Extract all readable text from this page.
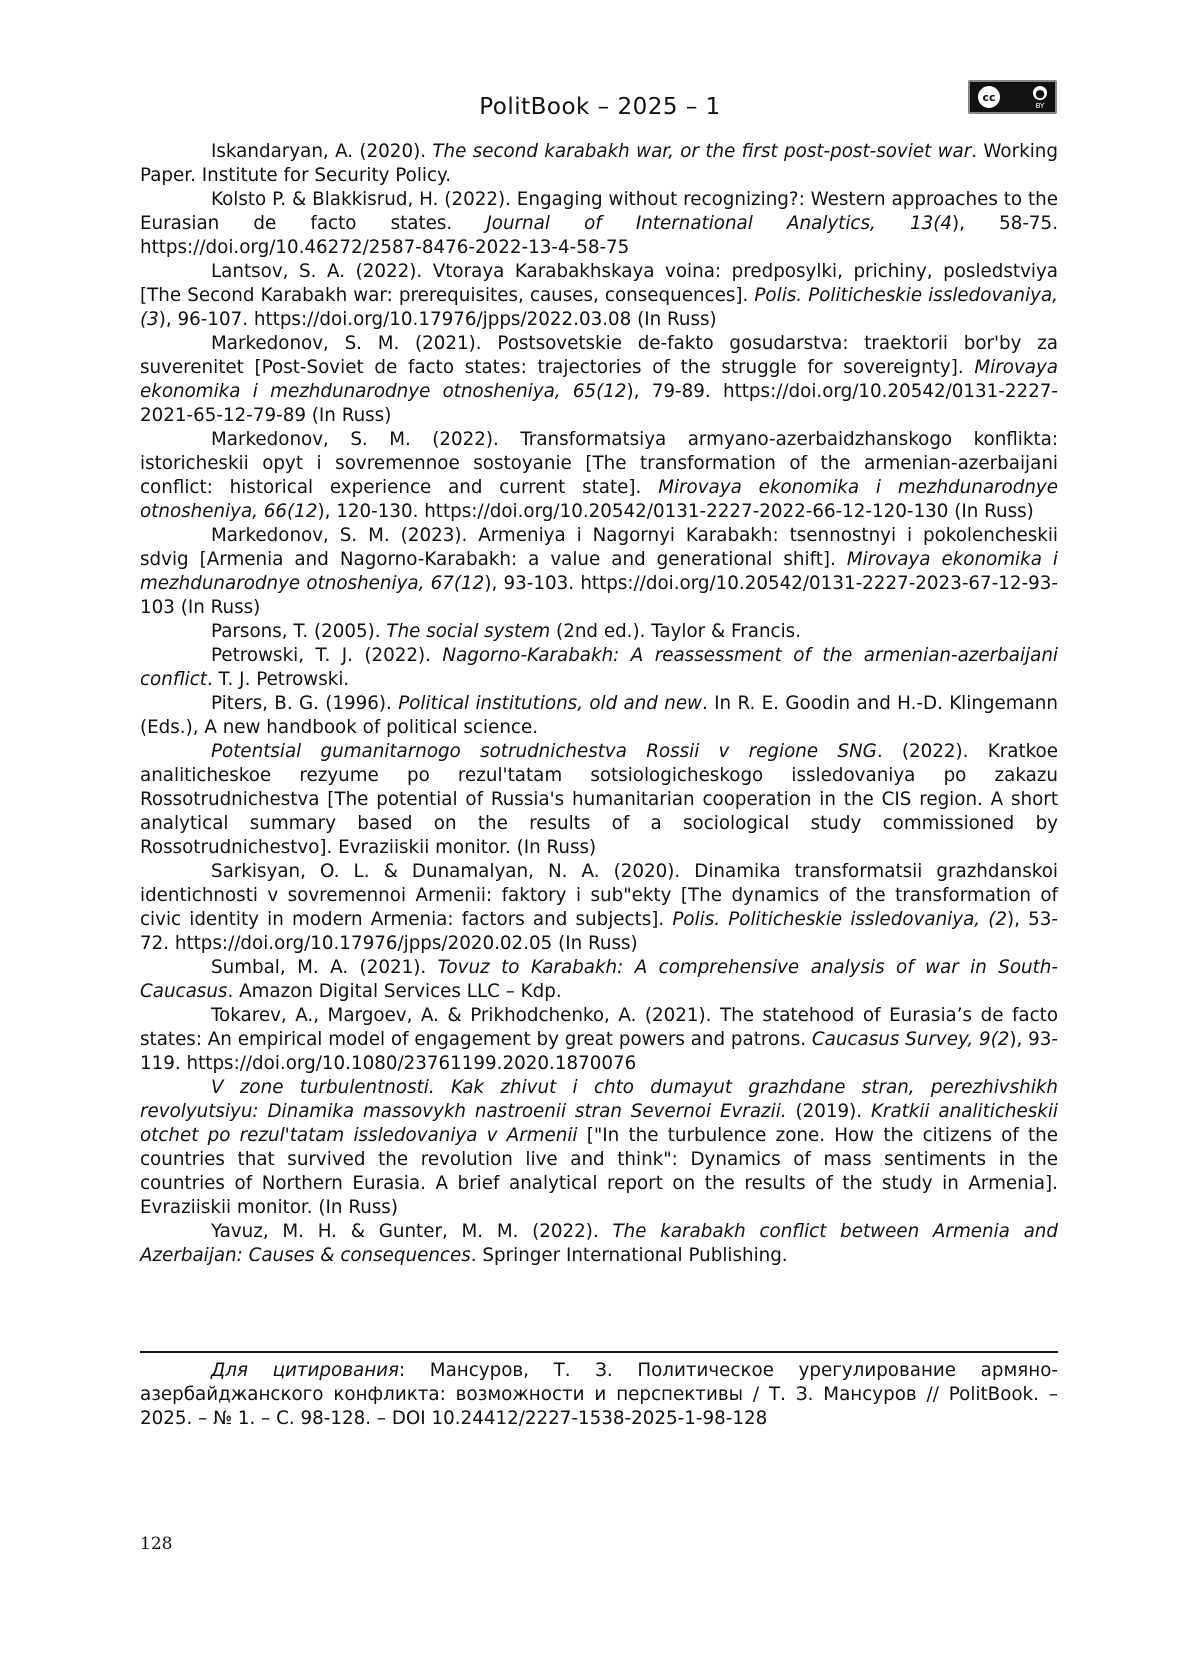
PolitBook – 2025 – 1	cc	●
BY

Iskandaryan, A. (2020). The second karabakh war, or the first post-post-soviet war. Working Paper. Institute for Security Policy.

Kolsto P. & Blakkisrud, H. (2022). Engaging without recognizing?: Western approaches to the Eurasian de facto states. Journal of International Analytics, 13(4), 58-75. https://doi.org/10.46272/2587-8476-2022-13-4-58-75

Lantsov, S. A. (2022). Vtoraya Karabakhskaya voina: predposylki, prichiny, posledstviya [The Second Karabakh war: prerequisites, causes, consequences]. Polis. Politicheskie issledovaniya, (3), 96-107. https://doi.org/10.17976/jpps/2022.03.08 (In Russ)

Markedonov, S. M. (2021). Postsovetskie de-fakto gosudarstva: traektorii bor'by za suverenitet [Post-Soviet de facto states: trajectories of the struggle for sovereignty]. Mirovaya ekonomika i mezhdunarodnye otnosheniya, 65(12), 79-89. https://doi.org/10.20542/0131-2227-2021-65-12-79-89 (In Russ)

Markedonov, S. M. (2022). Transformatsiya armyano-azerbaidzhanskogo konflikta: istoricheskii opyt i sovremennoe sostoyanie [The transformation of the armenian-azerbaijani conflict: historical experience and current state]. Mirovaya ekonomika i mezhdunarodnye otnosheniya, 66(12), 120-130. https://doi.org/10.20542/0131-2227-2022-66-12-120-130 (In Russ)

Markedonov, S. M. (2023). Armeniya i Nagornyi Karabakh: tsennostnyi i pokolencheskii sdvig [Armenia and Nagorno-Karabakh: a value and generational shift]. Mirovaya ekonomika i mezhdunarodnye otnosheniya, 67(12), 93-103. https://doi.org/10.20542/0131-2227-2023-67-12-93-103 (In Russ)

Parsons, T. (2005). The social system (2nd ed.). Taylor & Francis.

Petrowski, T. J. (2022). Nagorno-Karabakh: A reassessment of the armenian-azerbaijani conflict. T. J. Petrowski.

Piters, B. G. (1996). Political institutions, old and new. In R. E. Goodin and H.-D. Klingemann (Eds.), A new handbook of political science.

Potentsial gumanitarnogo sotrudnichestva Rossii v regione SNG. (2022). Kratkoe analiticheskoe rezyume po rezul'tatam sotsiologicheskogo issledovaniya po zakazu Rossotrudnichestva [The potential of Russia's humanitarian cooperation in the CIS region. A short analytical summary based on the results of a sociological study commissioned by Rossotrudnichestvo]. Evraziiskii monitor. (In Russ)

Sarkisyan, O. L. & Dunamalyan, N. A. (2020). Dinamika transformatsii grazhdanskoi identichnosti v sovremennoi Armenii: faktory i sub"ekty [The dynamics of the transformation of civic identity in modern Armenia: factors and subjects]. Polis. Politicheskie issledovaniya, (2), 53-72. https://doi.org/10.17976/jpps/2020.02.05 (In Russ)

Sumbal, M. A. (2021). Tovuz to Karabakh: A comprehensive analysis of war in South-Caucasus. Amazon Digital Services LLC – Kdp.

Tokarev, A., Margoev, A. & Prikhodchenko, A. (2021). The statehood of Eurasia’s de facto states: An empirical model of engagement by great powers and patrons. Caucasus Survey, 9(2), 93-119. https://doi.org/10.1080/23761199.2020.1870076

V zone turbulentnosti. Kak zhivut i chto dumayut grazhdane stran, perezhivshikh revolyutsiyu: Dinamika massovykh nastroenii stran Severnoi Evrazii. (2019). Kratkii analiticheskii otchet po rezul'tatam issledovaniya v Armenii ["In the turbulence zone. How the citizens of the countries that survived the revolution live and think": Dynamics of mass sentiments in the countries of Northern Eurasia. A brief analytical report on the results of the study in Armenia]. Evraziiskii monitor. (In Russ)

Yavuz, M. H. & Gunter, M. M. (2022). The karabakh conflict between Armenia and Azerbaijan: Causes & consequences. Springer International Publishing.

Для цитирования: Мансуров, Т. З. Политическое урегулирование армяно-азербайджанского конфликта: возможности и перспективы / Т. З. Мансуров // PolitBook. – 2025. – № 1. – С. 98-128. – DOI 10.24412/2227-1538-2025-1-98-128
128
